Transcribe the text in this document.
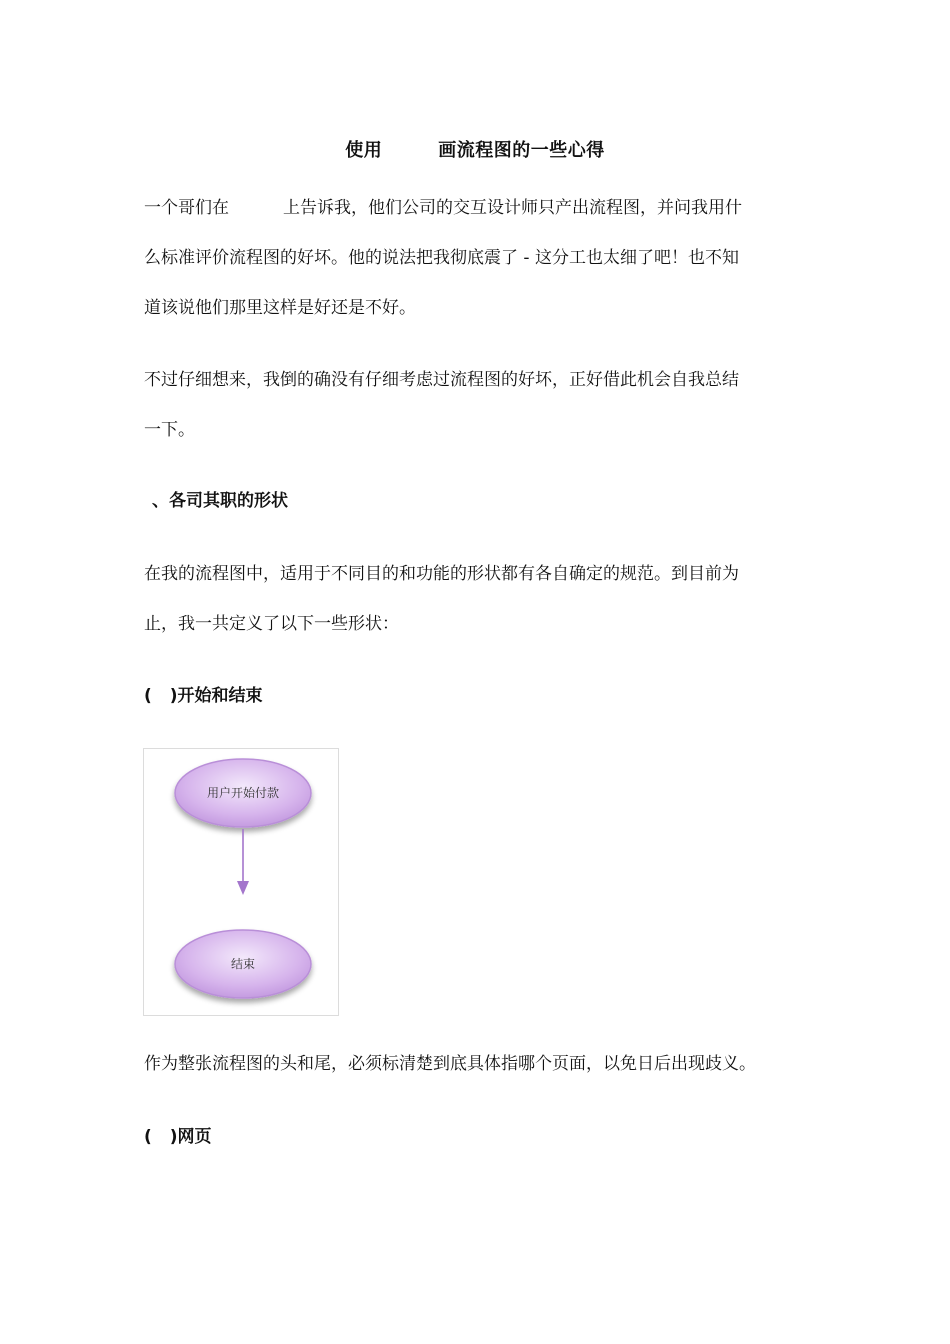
使用	画流程图的一些心得
一个哥们在	上告诉我，他们公司的交互设计师只产出流程图，并问我用什
么标准评价流程图的好坏。他的说法把我彻底震了 - 这分工也太细了吧！也不知
道该说他们那里这样是好还是不好。
不过仔细想来，我倒的确没有仔细考虑过流程图的好坏，正好借此机会自我总结
一下。
、各司其职的形状
在我的流程图中，适用于不同目的和功能的形状都有各自确定的规范。到目前为
止，我一共定义了以下一些形状：
( )开始和结束
用户开始付款
结束

作为整张流程图的头和尾，必须标清楚到底具体指哪个页面，以免日后出现歧义。

( )网页
